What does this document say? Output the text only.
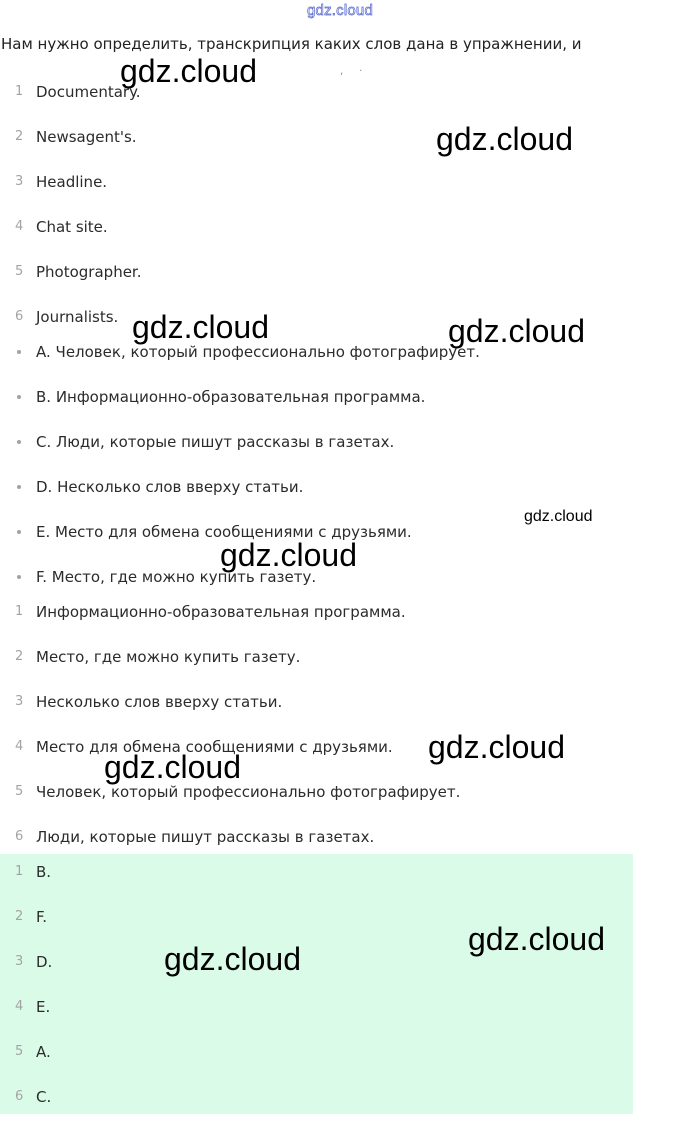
gdz.cloud
Нам нужно определить, транскрипция каких слов дана в упражнении, и
,     ·
1 Documentary.
2 Newsagent's.
3 Headline.
4 Chat site.
5 Photographer.
6 Journalists.
A. Человек, который профессионально фотографирует.
B. Информационно-образовательная программа.
C. Люди, которые пишут рассказы в газетах.
D. Несколько слов вверху статьи.
E. Место для обмена сообщениями с друзьями.
F. Место, где можно купить газету.
1 Информационно-образовательная программа.
2 Место, где можно купить газету.
3 Несколько слов вверху статьи.
4 Место для обмена сообщениями с друзьями.
5 Человек, который профессионально фотографирует.
6 Люди, которые пишут рассказы в газетах.
1 B.
2 F.
3 D.
4 E.
5 A.
6 C.
gdz.cloud
gdz.cloud
gdz.cloud	gdz.cloud
gdz.cloud
gdz.cloud
gdz.cloud
gdz.cloud
gdz.cloud
gdz.cloud
